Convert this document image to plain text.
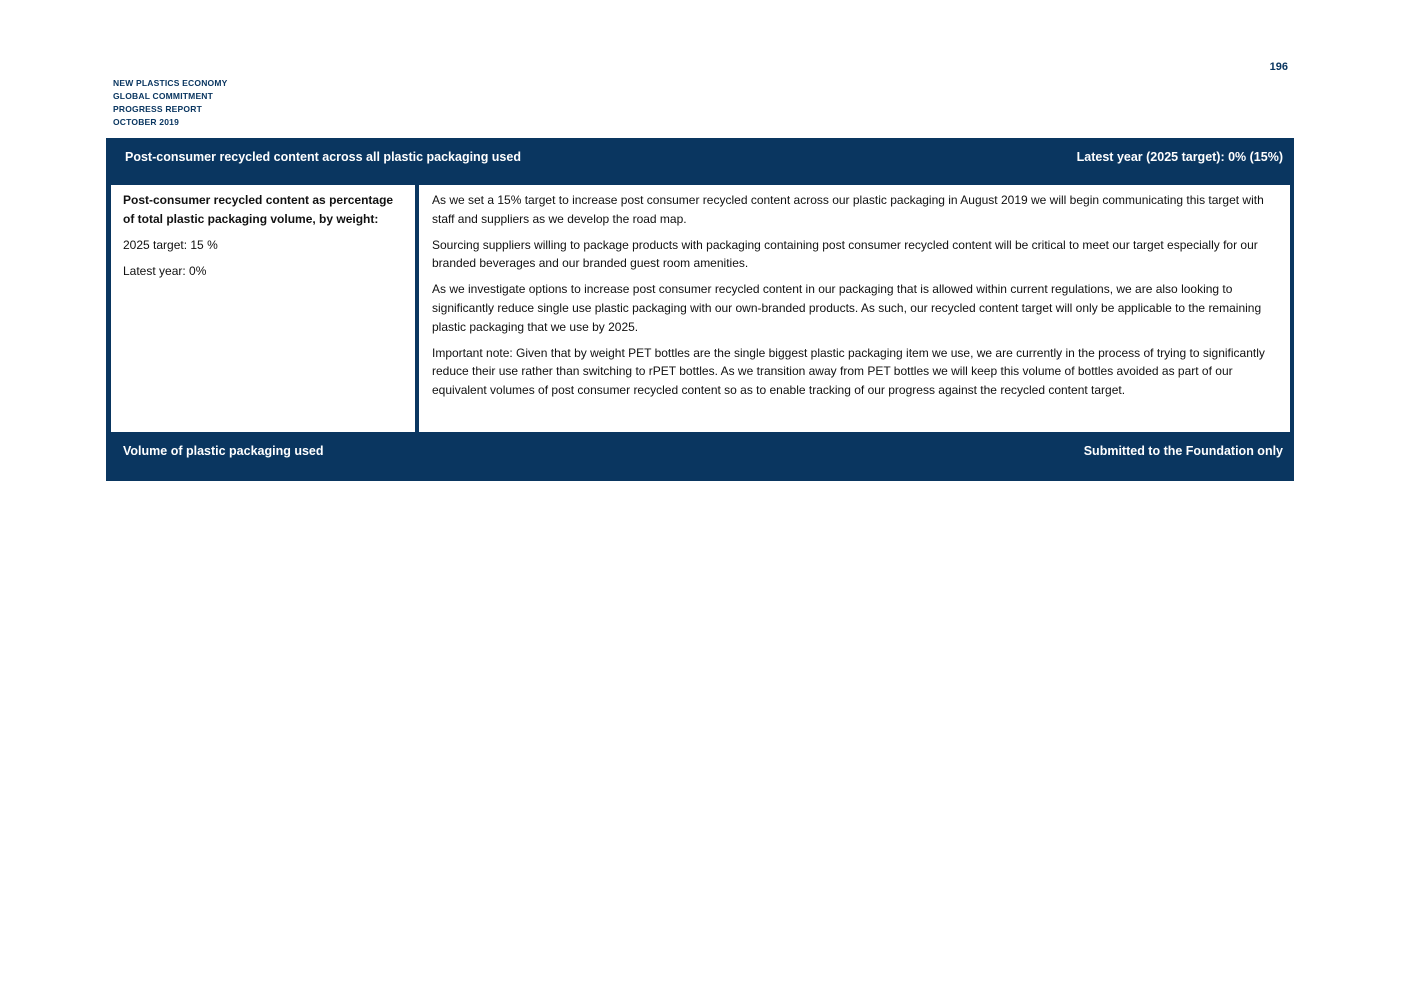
NEW PLASTICS ECONOMY
GLOBAL COMMITMENT
PROGRESS REPORT
OCTOBER 2019
196
Post-consumer recycled content across all plastic packaging used	Latest year (2025 target): 0% (15%)

Post-consumer recycled content as percentage of total plastic packaging volume, by weight:

2025 target: 15 %

Latest year: 0%

As we set a 15% target to increase post consumer recycled content across our plastic packaging in August 2019 we will begin communicating this target with staff and suppliers as we develop the road map.

Sourcing suppliers willing to package products with packaging containing post consumer recycled content will be critical to meet our target especially for our branded beverages and our branded guest room amenities.

As we investigate options to increase post consumer recycled content in our packaging that is allowed within current regulations, we are also looking to significantly reduce single use plastic packaging with our own-branded products. As such, our recycled content target will only be applicable to the remaining plastic packaging that we use by 2025.

Important note: Given that by weight PET bottles are the single biggest plastic packaging item we use, we are currently in the process of trying to significantly reduce their use rather than switching to rPET bottles. As we transition away from PET bottles we will keep this volume of bottles avoided as part of our equivalent volumes of post consumer recycled content so as to enable tracking of our progress against the recycled content target.

Volume of plastic packaging used	Submitted to the Foundation only
